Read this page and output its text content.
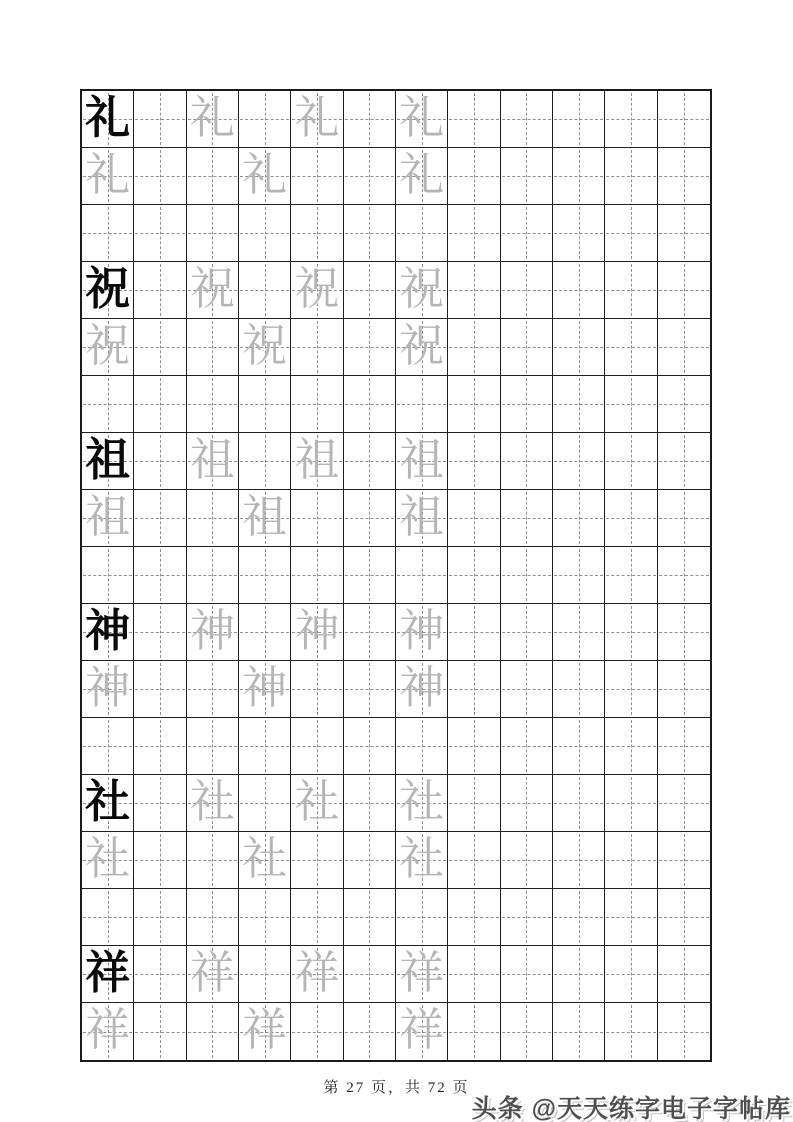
礼 礼 礼 礼
礼 礼 礼
祝 祝 祝 祝
祝 祝 祝
祖 祖 祖 祖
祖 祖 祖
神 神 神 神
神 神 神
社 社 社 社
社 社 社
祥 祥 祥 祥
祥 祥 祥
第 27 页，共 72 页
头条 @天天练字电子字帖库
